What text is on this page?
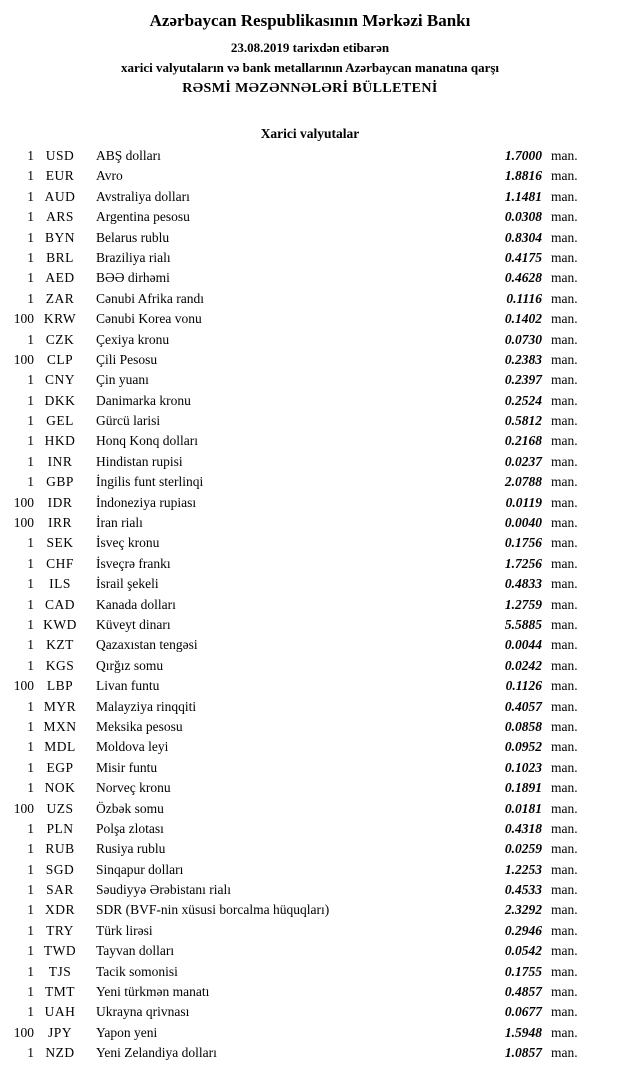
Azərbaycan Respublikasının Mərkəzi Bankı
23.08.2019 tarixdən etibarən
xarici valyutaların və bank metallarının Azərbaycan manatına qarşı
RƏSMİ MƏZƏNNƏLƏRİ BÜLLETENİ
Xarici valyutalar
1 USD	ABŞ dolları	1.7000 man.
1 EUR	Avro	1.8816 man.
1 AUD	Avstraliya dolları	1.1481 man.
1 ARS	Argentina pesosu	0.0308 man.
1 BYN	Belarus rublu	0.8304 man.
1 BRL	Braziliya rialı	0.4175 man.
1 AED	BƏƏ dirhəmi	0.4628 man.
1 ZAR	Cənubi Afrika randı	0.1116 man.
100 KRW	Cənubi Korea vonu	0.1402 man.
1 CZK	Çexiya kronu	0.0730 man.
100 CLP	Çili Pesosu	0.2383 man.
1 CNY	Çin yuanı	0.2397 man.
1 DKK	Danimarka kronu	0.2524 man.
1 GEL	Gürcü larisi	0.5812 man.
1 HKD	Honq Konq dolları	0.2168 man.
1	INR	Hindistan rupisi	0.0237 man.
1 GBP	İngilis funt sterlinqi	2.0788 man.
100	IDR	İndoneziya rupiası	0.0119 man.
100	IRR	İran rialı	0.0040 man.
1 SEK	İsveç kronu	0.1756 man.
1 CHF	İsveçrə frankı	1.7256 man.
1	ILS	İsrail şekeli	0.4833 man.
1 CAD	Kanada dolları	1.2759 man.
1 KWD	Küveyt dinarı	5.5885 man.
1 KZT	Qazaxıstan tengəsi	0.0044 man.
1 KGS	Qırğız somu	0.0242 man.
100 LBP	Livan funtu	0.1126 man.
1 MYR	Malayziya rinqqiti	0.4057 man.
1 MXN	Meksika pesosu	0.0858 man.
1 MDL	Moldova leyi	0.0952 man.
1 EGP	Misir funtu	0.1023 man.
1 NOK	Norveç kronu	0.1891 man.
100 UZS	Özbək somu	0.0181 man.
1 PLN	Polşa zlotası	0.4318 man.
1 RUB	Rusiya rublu	0.0259 man.
1 SGD	Sinqapur dolları	1.2253 man.
1 SAR	Səudiyyə Ərəbistanı rialı	0.4533 man.
1 XDR	SDR (BVF-nin xüsusi borcalma hüquqları)	2.3292 man.
1 TRY	Türk lirəsi	0.2946 man.
1 TWD	Tayvan dolları	0.0542 man.
1	TJS	Tacik somonisi	0.1755 man.
1 TMT	Yeni türkmən manatı	0.4857 man.
1 UAH	Ukrayna qrivnası	0.0677 man.
100	JPY	Yapon yeni	1.5948 man.
1 NZD	Yeni Zelandiya dolları	1.0857 man.
